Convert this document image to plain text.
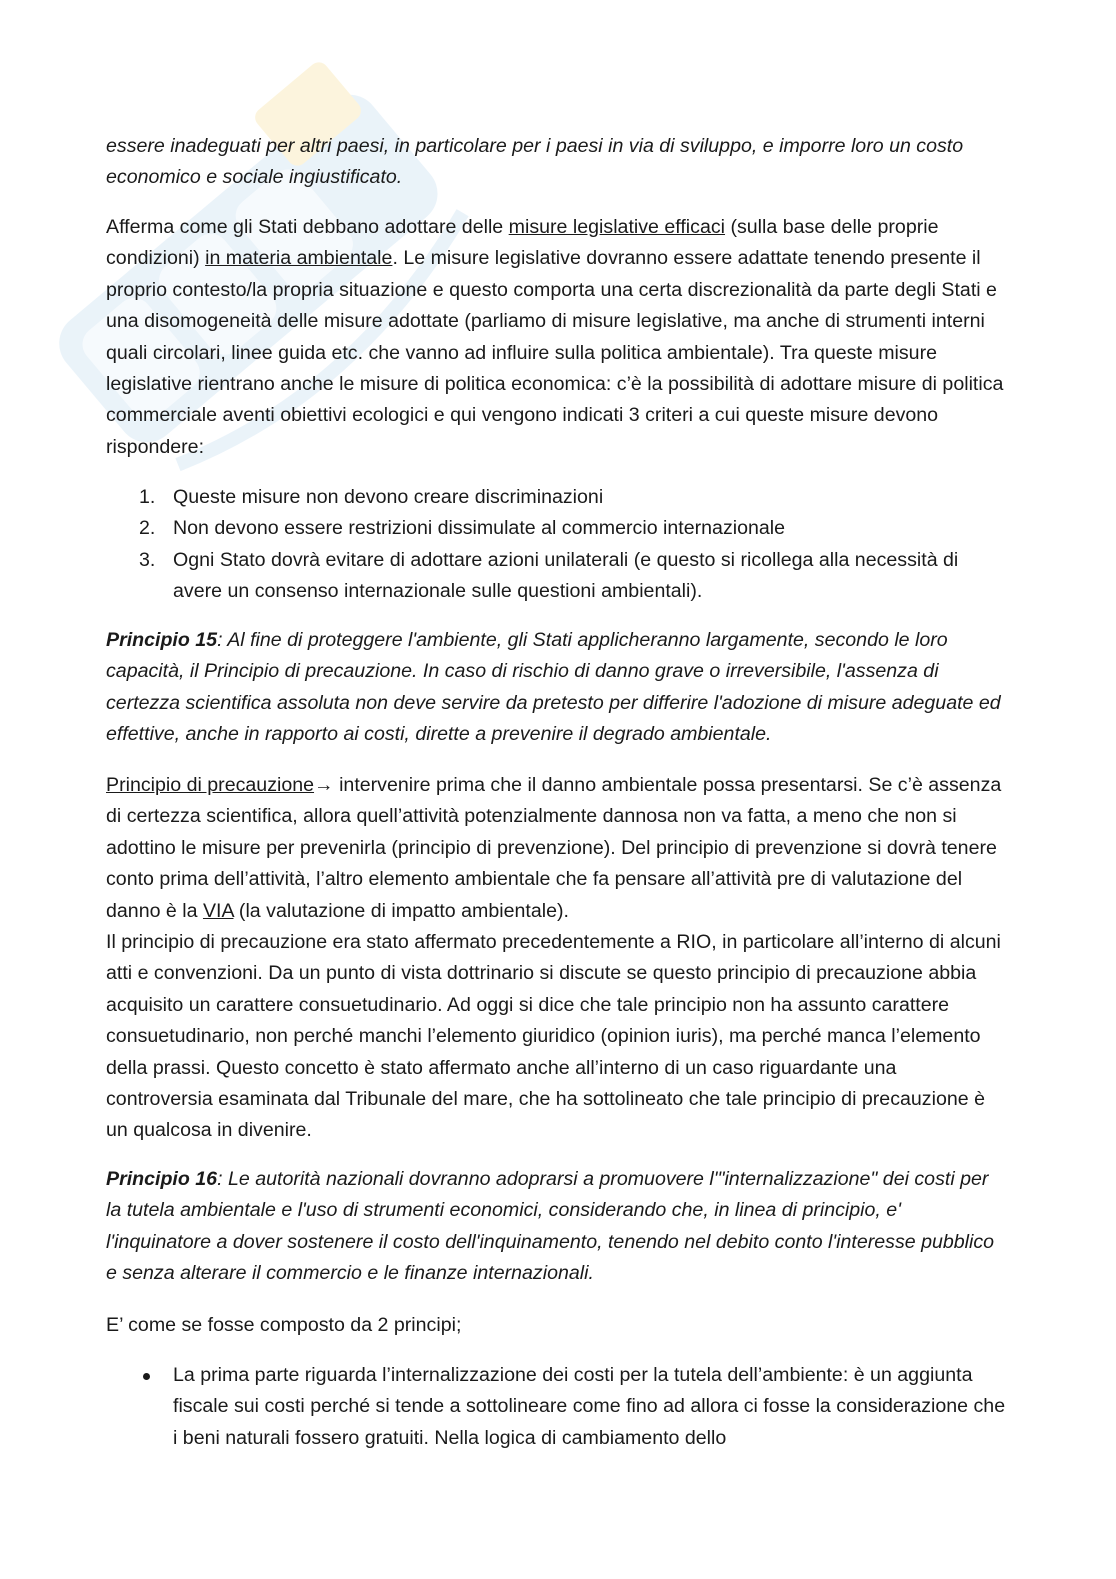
essere inadeguati per altri paesi, in particolare per i paesi in via di sviluppo, e imporre loro un costo economico e sociale ingiustificato.

Afferma come gli Stati debbano adottare delle misure legislative efficaci (sulla base delle proprie condizioni) in materia ambientale. Le misure legislative dovranno essere adattate tenendo presente il proprio contesto/la propria situazione e questo comporta una certa discrezionalità da parte degli Stati e una disomogeneità delle misure adottate (parliamo di misure legislative, ma anche di strumenti interni quali circolari, linee guida etc. che vanno ad influire sulla politica ambientale). Tra queste misure legislative rientrano anche le misure di politica economica: c’è la possibilità di adottare misure di politica commerciale aventi obiettivi ecologici e qui vengono indicati 3 criteri a cui queste misure devono rispondere:

1. Queste misure non devono creare discriminazioni
2. Non devono essere restrizioni dissimulate al commercio internazionale
3. Ogni Stato dovrà evitare di adottare azioni unilaterali (e questo si ricollega alla necessità di avere un consenso internazionale sulle questioni ambientali).

Principio 15: Al fine di proteggere l'ambiente, gli Stati applicheranno largamente, secondo le loro capacità, il Principio di precauzione. In caso di rischio di danno grave o irreversibile, l'assenza di certezza scientifica assoluta non deve servire da pretesto per differire l'adozione di misure adeguate ed effettive, anche in rapporto ai costi, dirette a prevenire il degrado ambientale.

Principio di precauzione→ intervenire prima che il danno ambientale possa presentarsi. Se c’è assenza di certezza scientifica, allora quell’attività potenzialmente dannosa non va fatta, a meno che non si adottino le misure per prevenirla (principio di prevenzione). Del principio di prevenzione si dovrà tenere conto prima dell’attività, l’altro elemento ambientale che fa pensare all’attività pre di valutazione del danno è la VIA (la valutazione di impatto ambientale).
Il principio di precauzione era stato affermato precedentemente a RIO, in particolare all’interno di alcuni atti e convenzioni. Da un punto di vista dottrinario si discute se questo principio di precauzione abbia acquisito un carattere consuetudinario. Ad oggi si dice che tale principio non ha assunto carattere consuetudinario, non perché manchi l’elemento giuridico (opinion iuris), ma perché manca l’elemento della prassi. Questo concetto è stato affermato anche all’interno di un caso riguardante una controversia esaminata dal Tribunale del mare, che ha sottolineato che tale principio di precauzione è un qualcosa in divenire.

Principio 16: Le autorità nazionali dovranno adoprarsi a promuovere l'"internalizzazione" dei costi per la tutela ambientale e l'uso di strumenti economici, considerando che, in linea di principio, e' l'inquinatore a dover sostenere il costo dell'inquinamento, tenendo nel debito conto l'interesse pubblico e senza alterare il commercio e le finanze internazionali.

E’ come se fosse composto da 2 principi;

La prima parte riguarda l’internalizzazione dei costi per la tutela dell’ambiente: è un aggiunta fiscale sui costi perché si tende a sottolineare come fino ad allora ci fosse la considerazione che i beni naturali fossero gratuiti. Nella logica di cambiamento dello
